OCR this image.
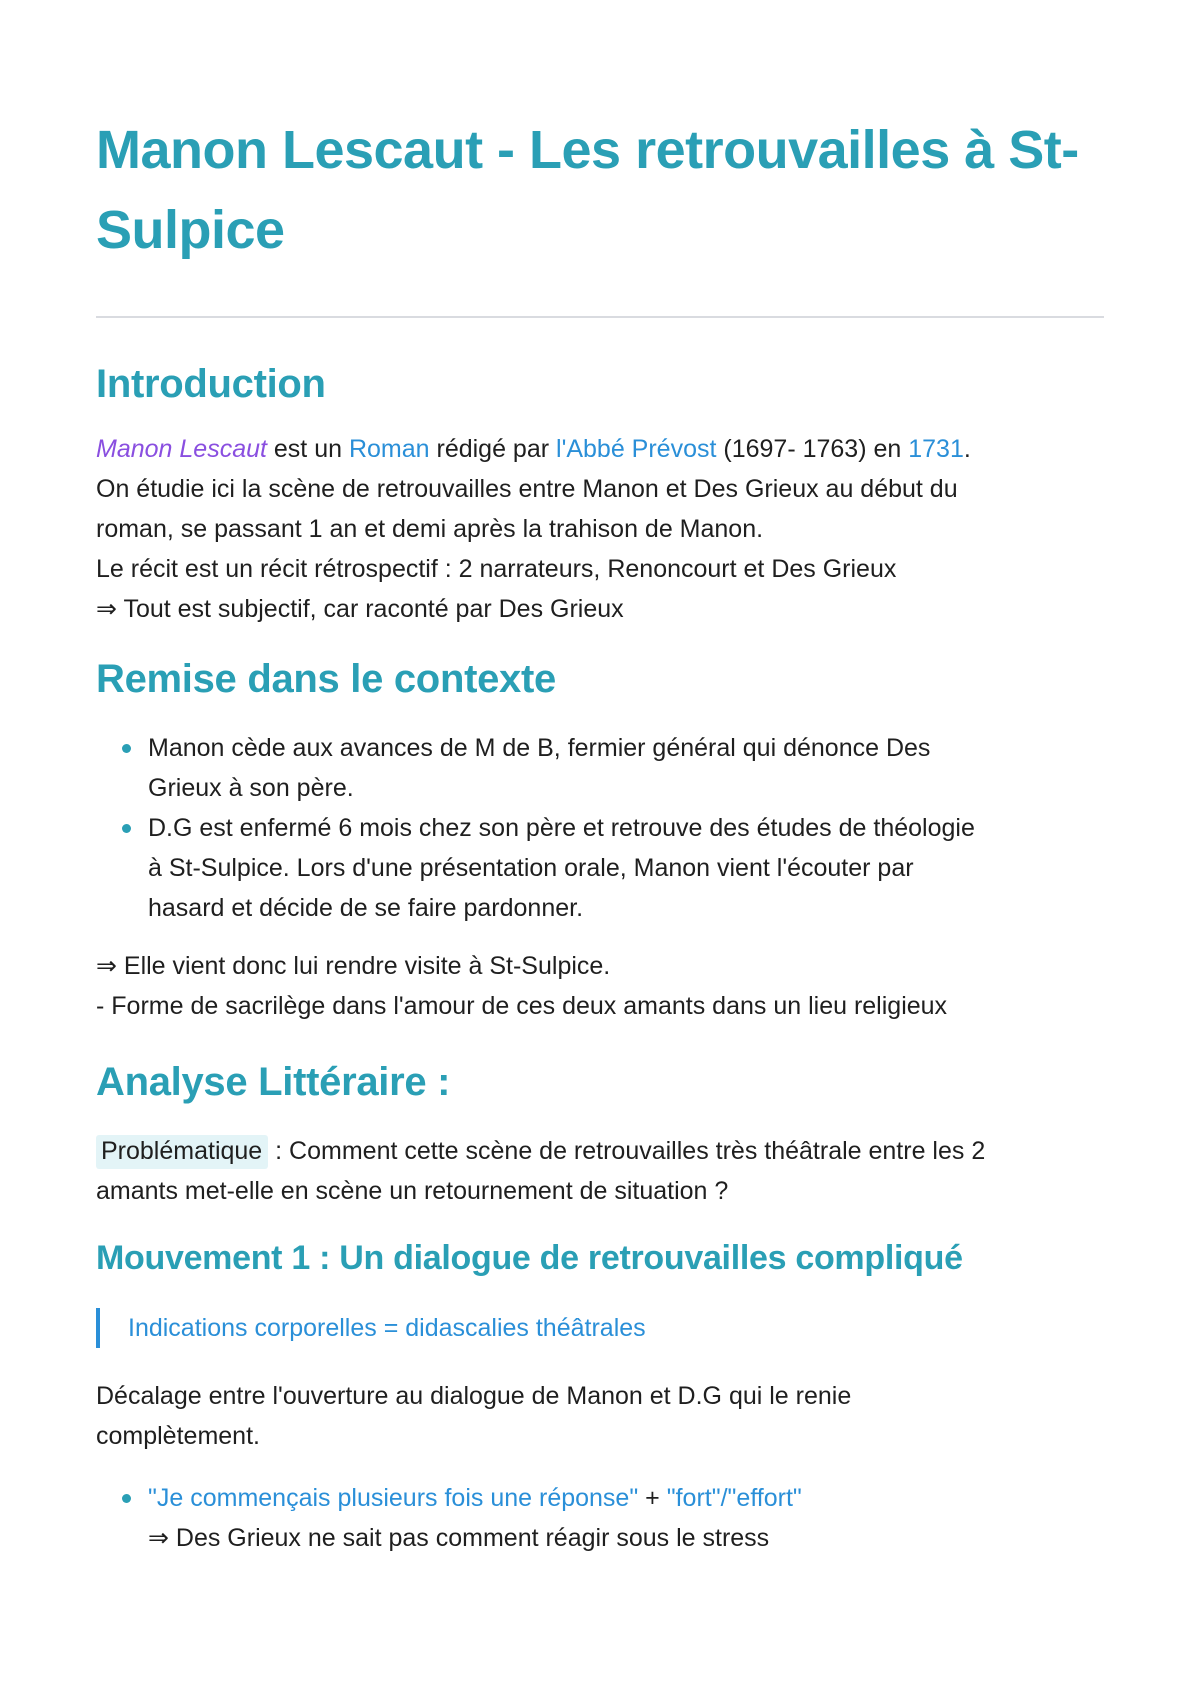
Manon Lescaut - Les retrouvailles à St-
Sulpice
Introduction

Manon Lescaut est un Roman rédigé par l'Abbé Prévost (1697- 1763) en 1731.
On étudie ici la scène de retrouvailles entre Manon et Des Grieux au début du
roman, se passant 1 an et demi après la trahison de Manon.
Le récit est un récit rétrospectif : 2 narrateurs, Renoncourt et Des Grieux
⇒ Tout est subjectif, car raconté par Des Grieux

Remise dans le contexte
Manon cède aux avances de M de B, fermier général qui dénonce Des
Grieux à son père.
D.G est enfermé 6 mois chez son père et retrouve des études de théologie
à St-Sulpice. Lors d'une présentation orale, Manon vient l'écouter par
hasard et décide de se faire pardonner.

⇒ Elle vient donc lui rendre visite à St-Sulpice.
- Forme de sacrilège dans l'amour de ces deux amants dans un lieu religieux

Analyse Littéraire :

Problématique : Comment cette scène de retrouvailles très théâtrale entre les 2
amants met-elle en scène un retournement de situation ?

Mouvement 1 : Un dialogue de retrouvailles compliqué
Indications corporelles = didascalies théâtrales

Décalage entre l'ouverture au dialogue de Manon et D.G qui le renie
complètement.

"Je commençais plusieurs fois une réponse" + "fort"/"effort"
⇒ Des Grieux ne sait pas comment réagir sous le stress
